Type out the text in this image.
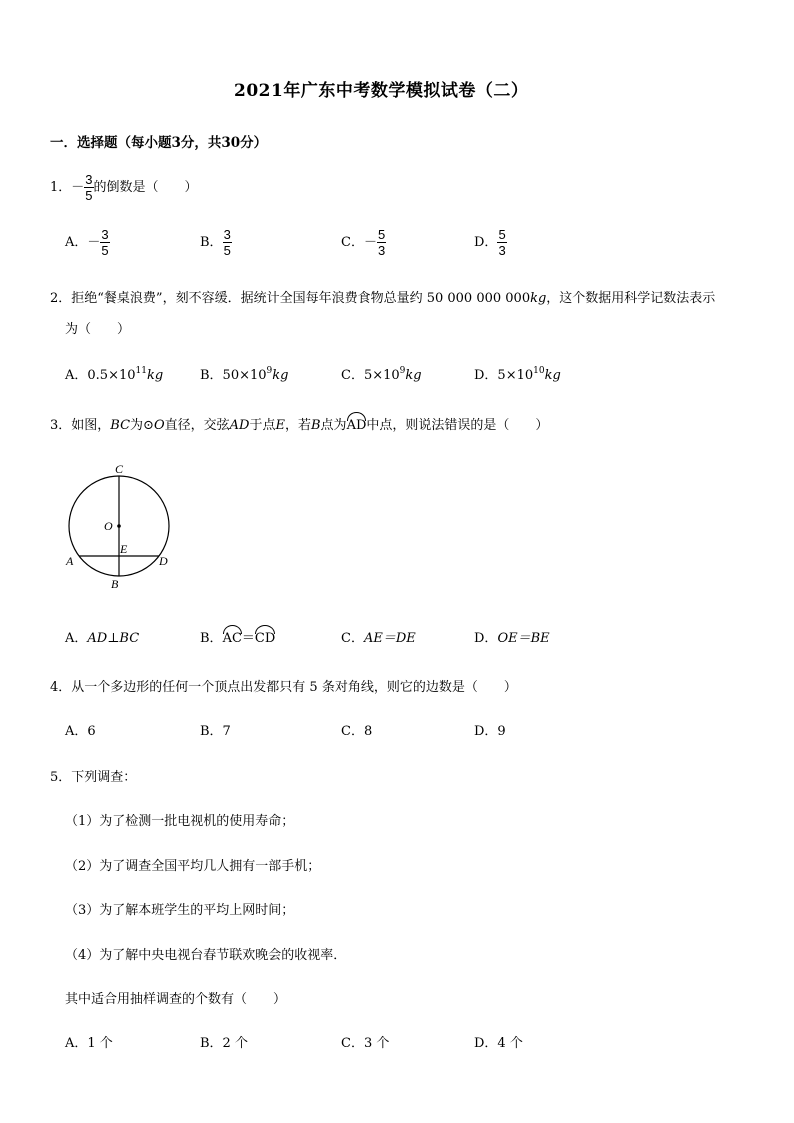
2021年广东中考数学模拟试卷（二）
一．选择题（每小题3分，共30分）
1．－ $\frac{3}{5}$ 的倒数是（　　）
A．－ $\frac{3}{5}$	B． $\frac{3}{5}$	C．－ $\frac{5}{3}$	D． $\frac{5}{3}$
2．拒绝“餐桌浪费”，刻不容缓．据统计全国每年浪费食物总量约 50 000 000 000kg，这个数据用科学记数法表示
为（　　）
A．$0.5\times 10^{11}kg$	B．$50\times 10^9kg$	C．$5\times 10^9kg$	D．$5\times 10^{10}kg$
3．如图，BC为⊙O直径，交弦AD于点E，若B点为AD中点，则说法错误的是（　　）
C
O
E
A	D
B
A．AD⊥BC	B．AC＝CD	C．AE＝DE	D．OE＝BE
4．从一个多边形的任何一个顶点出发都只有 5 条对角线，则它的边数是（　　）
A．6	B．7	C．8	D．9
5．下列调查：
（1）为了检测一批电视机的使用寿命；
（2）为了调查全国平均几人拥有一部手机；
（3）为了解本班学生的平均上网时间；
（4）为了解中央电视台春节联欢晚会的收视率．
其中适合用抽样调查的个数有（　　）
A．1 个	B．2 个	C．3 个	D．4 个
